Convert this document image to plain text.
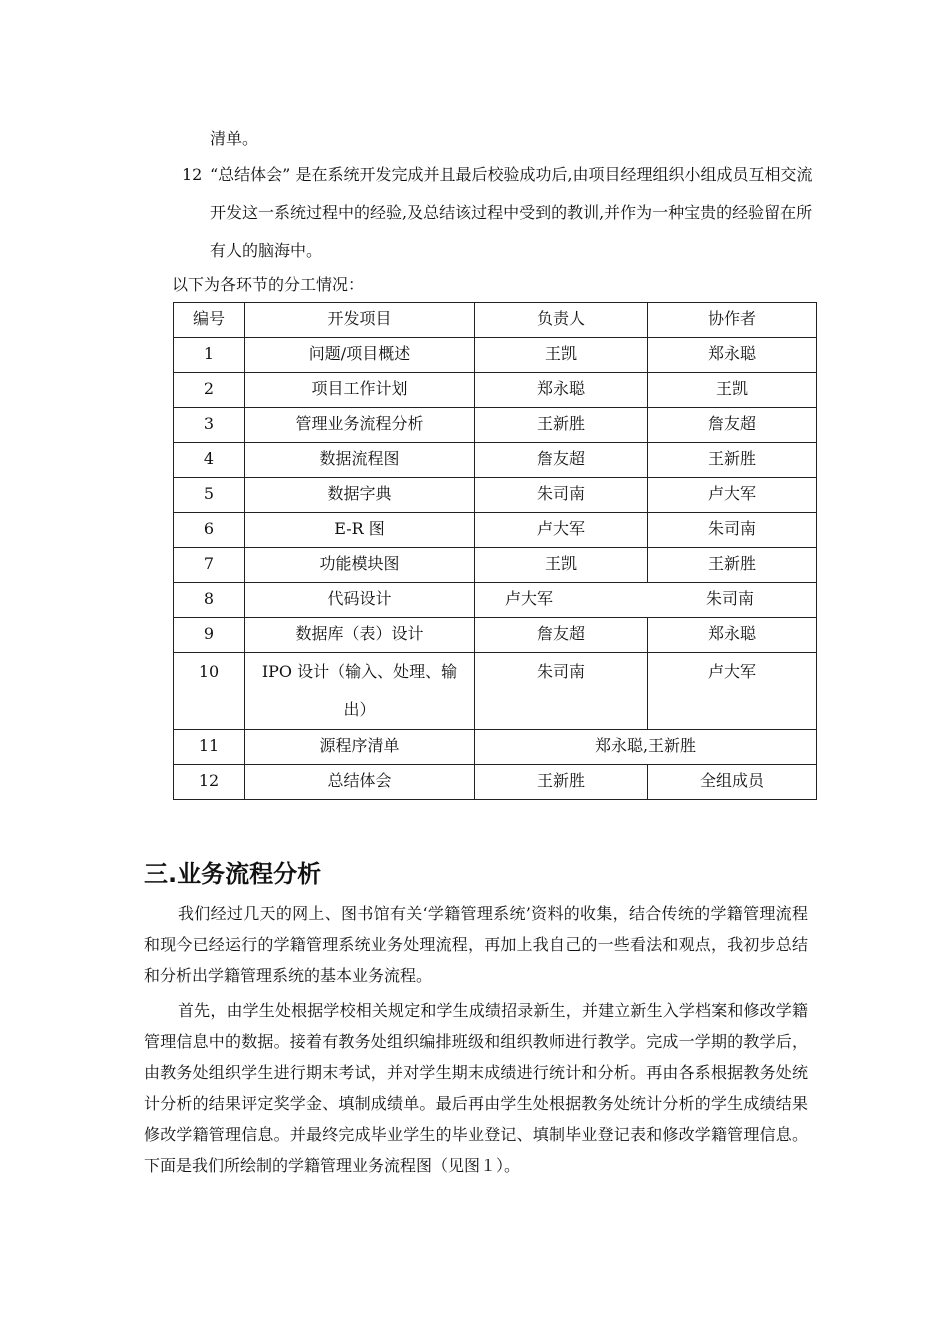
清单。
12 “总结体会” 是在系统开发完成并且最后校验成功后,由项目经理组织小组成员互相交流开发这一系统过程中的经验,及总结该过程中受到的教训,并作为一种宝贵的经验留在所有人的脑海中。
以下为各环节的分工情况：
编号	开发项目	负责人	协作者
1	问题/项目概述	王凯	郑永聪
2	项目工作计划	郑永聪	王凯
3	管理业务流程分析	王新胜	詹友超
4	数据流程图	詹友超	王新胜
5	数据字典	朱司南	卢大军
6	E-R 图	卢大军	朱司南
7	功能模块图	王凯	王新胜
8	代码设计	卢大军 朱司南	

9	数据库（表）设计	詹友超	郑永聪
10	IPO 设计（输入、处理、输出）	朱司南	卢大军
11	源程序清单	郑永聪,王新胜	
12	总结体会	王新胜	全组成员
三.业务流程分析

我们经过几天的网上、图书馆有关‘学籍管理系统’资料的收集，结合传统的学籍管理流程和现今已经运行的学籍管理系统业务处理流程，再加上我自己的一些看法和观点，我初步总结和分析出学籍管理系统的基本业务流程。

首先，由学生处根据学校相关规定和学生成绩招录新生，并建立新生入学档案和修改学籍管理信息中的数据。接着有教务处组织编排班级和组织教师进行教学。完成一学期的教学后，由教务处组织学生进行期末考试，并对学生期末成绩进行统计和分析。再由各系根据教务处统计分析的结果评定奖学金、填制成绩单。最后再由学生处根据教务处统计分析的学生成绩结果修改学籍管理信息。并最终完成毕业学生的毕业登记、填制毕业登记表和修改学籍管理信息。下面是我们所绘制的学籍管理业务流程图（见图１）。
